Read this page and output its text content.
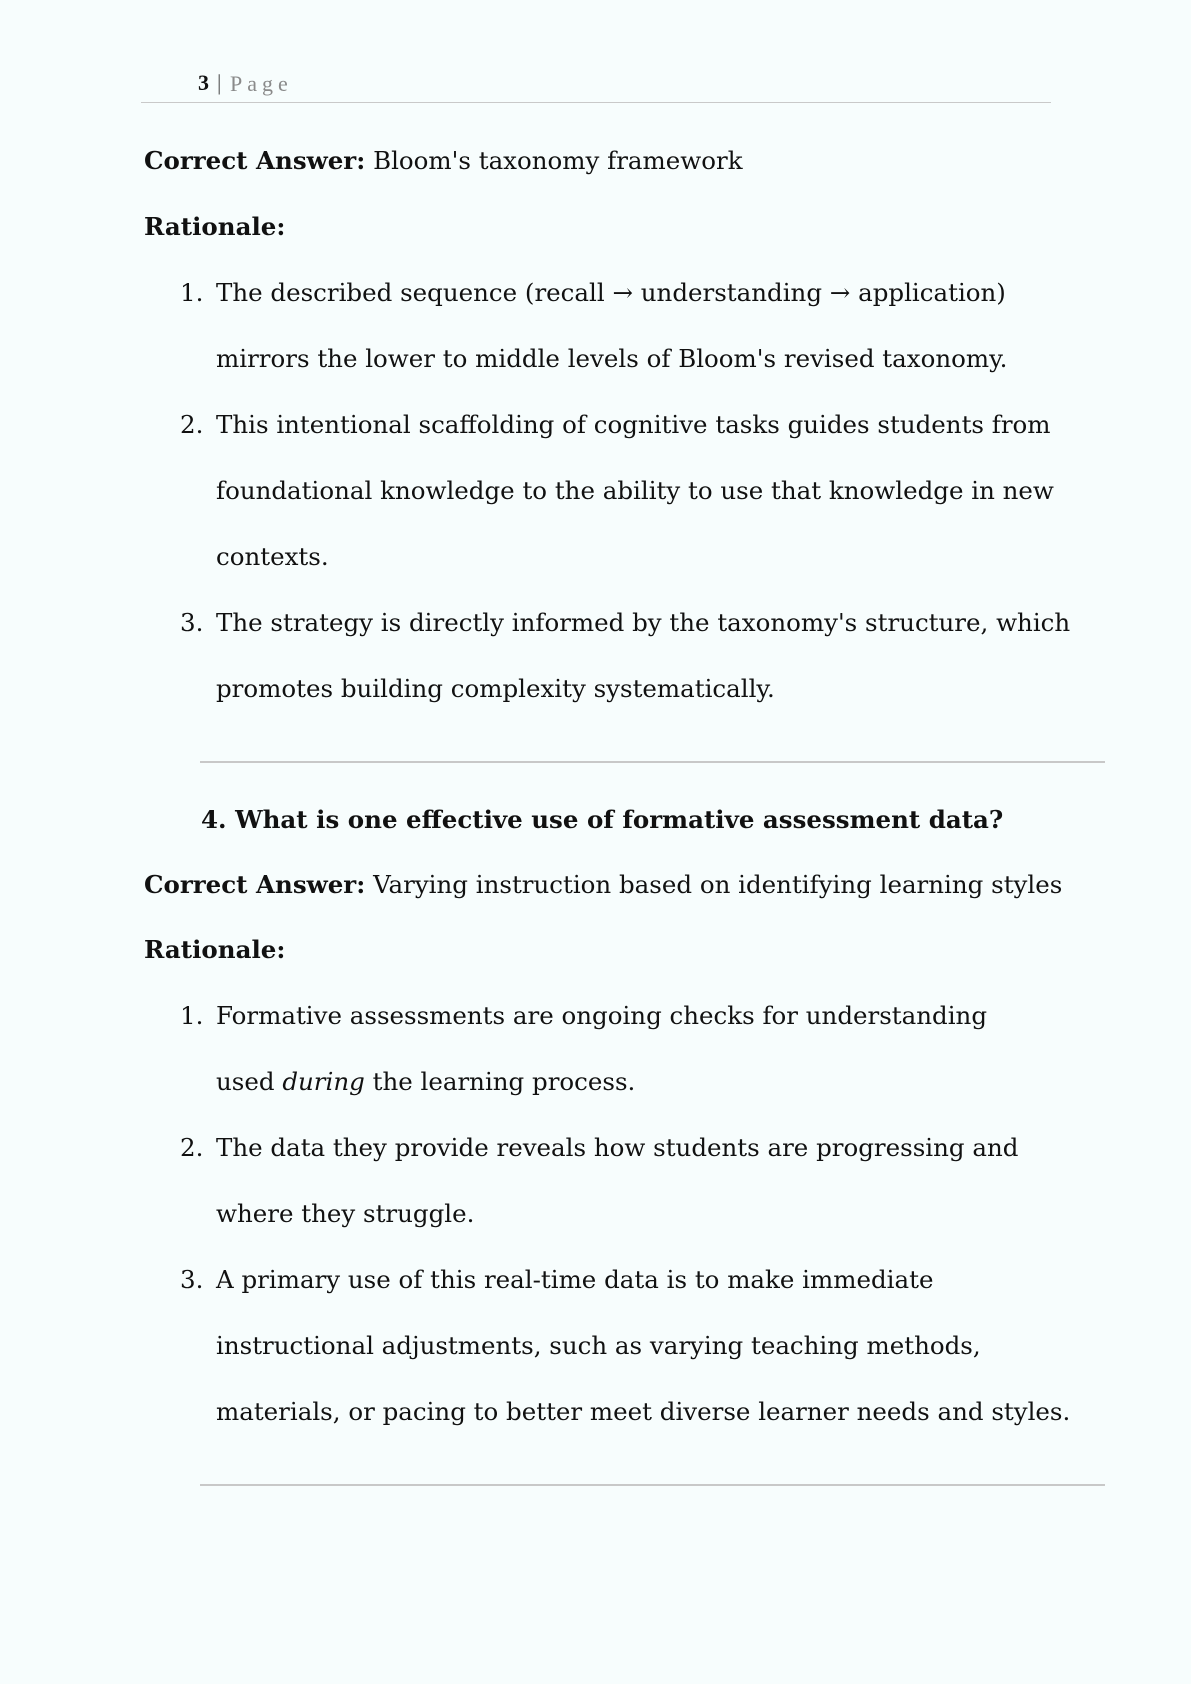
3 | Page
Correct Answer: Bloom's taxonomy framework
Rationale:
1. The described sequence (recall → understanding → application)
mirrors the lower to middle levels of Bloom's revised taxonomy.
2. This intentional scaffolding of cognitive tasks guides students from
foundational knowledge to the ability to use that knowledge in new
contexts.
3. The strategy is directly informed by the taxonomy's structure, which
promotes building complexity systematically.
4. What is one effective use of formative assessment data?
Correct Answer: Varying instruction based on identifying learning styles
Rationale:
1. Formative assessments are ongoing checks for understanding
used during the learning process.
2. The data they provide reveals how students are progressing and
where they struggle.
3. A primary use of this real-time data is to make immediate
instructional adjustments, such as varying teaching methods,
materials, or pacing to better meet diverse learner needs and styles.
